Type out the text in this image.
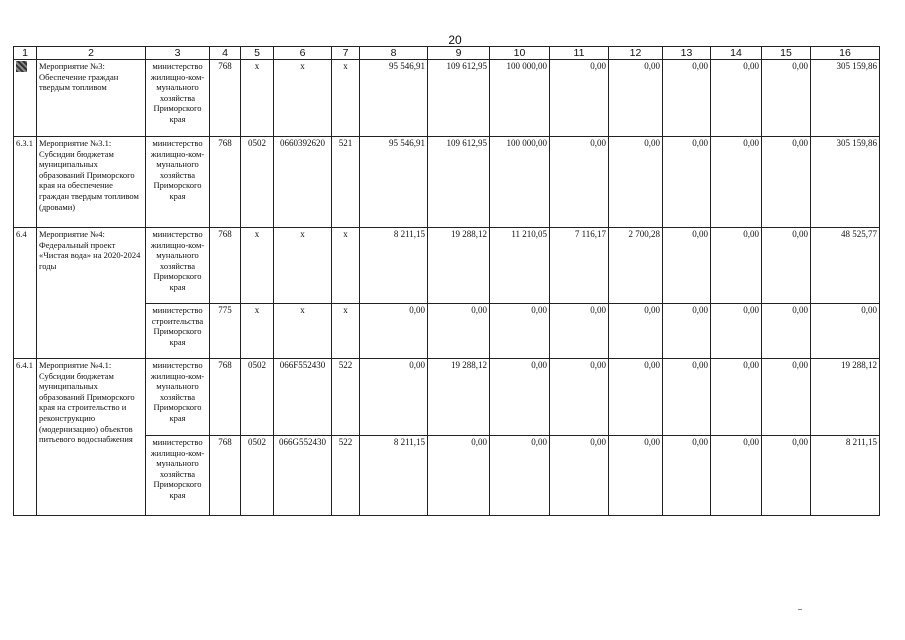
20
1	2	3	4	5	6	7	8	9	10	11	12	13	14	15	16
	Мероприятие №3: Обеспечение граждан твердым топливом	министерство жилищно-ком-мунального хозяйства Приморского края	768	x	x	x	95 546,91	109 612,95	100 000,00	0,00	0,00	0,00	0,00	0,00	305 159,86
6.3.1	Мероприятие №3.1: Субсидии бюджетам муниципальных образований Приморского края на обеспечение граждан твердым топливом (дровами)	министерство жилищно-ком-мунального хозяйства Приморского края	768	0502	0660392620	521	95 546,91	109 612,95	100 000,00	0,00	0,00	0,00	0,00	0,00	305 159,86
6.4	Мероприятие №4: Федеральный проект «Чистая вода» на 2020-2024 годы	министерство жилищно-ком-мунального хозяйства Приморского края	768	x	x	x	8 211,15	19 288,12	11 210,05	7 116,17	2 700,28	0,00	0,00	0,00	48 525,77
		министерство строительства Приморского края	775	x	x	x	0,00	0,00	0,00	0,00	0,00	0,00	0,00	0,00	0,00
6.4.1	Мероприятие №4.1: Субсидии бюджетам муниципальных образований Приморского края на строительство и реконструкцию (модернизацию) объектов питьевого водоснабжения	министерство жилищно-ком-мунального хозяйства Приморского края	768	0502	066F552430	522	0,00	19 288,12	0,00	0,00	0,00	0,00	0,00	0,00	19 288,12
		министерство жилищно-ком-мунального хозяйства Приморского края	768	0502	066G552430	522	8 211,15	0,00	0,00	0,00	0,00	0,00	0,00	0,00	8 211,15
